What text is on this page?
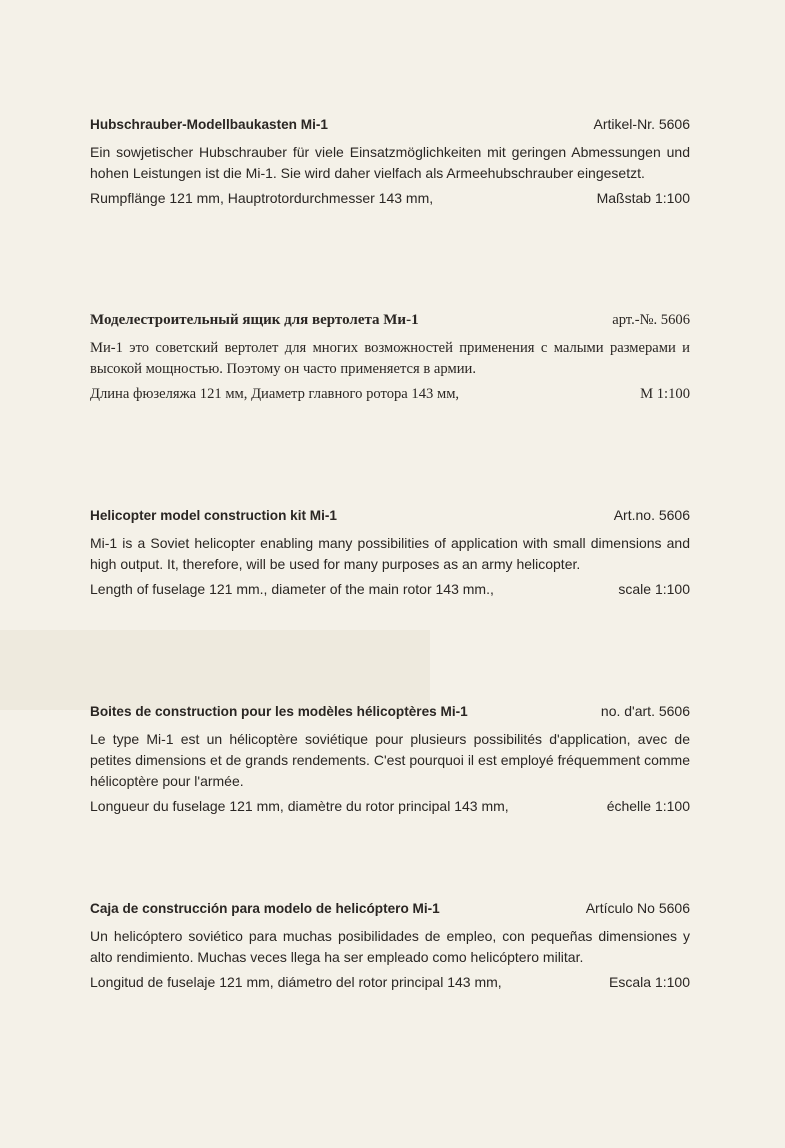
Hubschrauber-Modellbaukasten Mi-1	Artikel-Nr. 5606

Ein sowjetischer Hubschrauber für viele Einsatzmöglichkeiten mit geringen Abmessungen und hohen Leistungen ist die Mi-1. Sie wird daher vielfach als Armeehubschrauber eingesetzt.

Rumpflänge 121 mm, Hauptrotordurchmesser 143 mm,	Maßstab 1:100
Моделестроительный ящик для вертолета Ми-1	арт.-№. 5606

Ми-1 это советский вертолет для многих возможностей применения с малыми размерами и высокой мощностью. Поэтому он часто применяется в армии.

Длина фюзеляжа 121 мм, Диаметр главного ротора 143 мм,	М 1:100
Helicopter model construction kit Mi-1	Art.no. 5606

Mi-1 is a Soviet helicopter enabling many possibilities of application with small dimensions and high output. It, therefore, will be used for many purposes as an army helicopter.

Length of fuselage 121 mm., diameter of the main rotor 143 mm.,	scale 1:100
Boites de construction pour les modèles hélicoptères Mi-1	no. d'art. 5606

Le type Mi-1 est un hélicoptère soviétique pour plusieurs possibilités d'application, avec de petites dimensions et de grands rendements. C'est pourquoi il est employé fréquemment comme hélicoptère pour l'armée.

Longueur du fuselage 121 mm, diamètre du rotor principal 143 mm,	échelle 1:100
Caja de construcción para modelo de helicóptero Mi-1	Artículo No 5606

Un helicóptero soviético para muchas posibilidades de empleo, con pequeñas dimensiones y alto rendimiento. Muchas veces llega ha ser empleado como helicóptero militar.

Longitud de fuselaje 121 mm, diámetro del rotor principal 143 mm,	Escala 1:100
